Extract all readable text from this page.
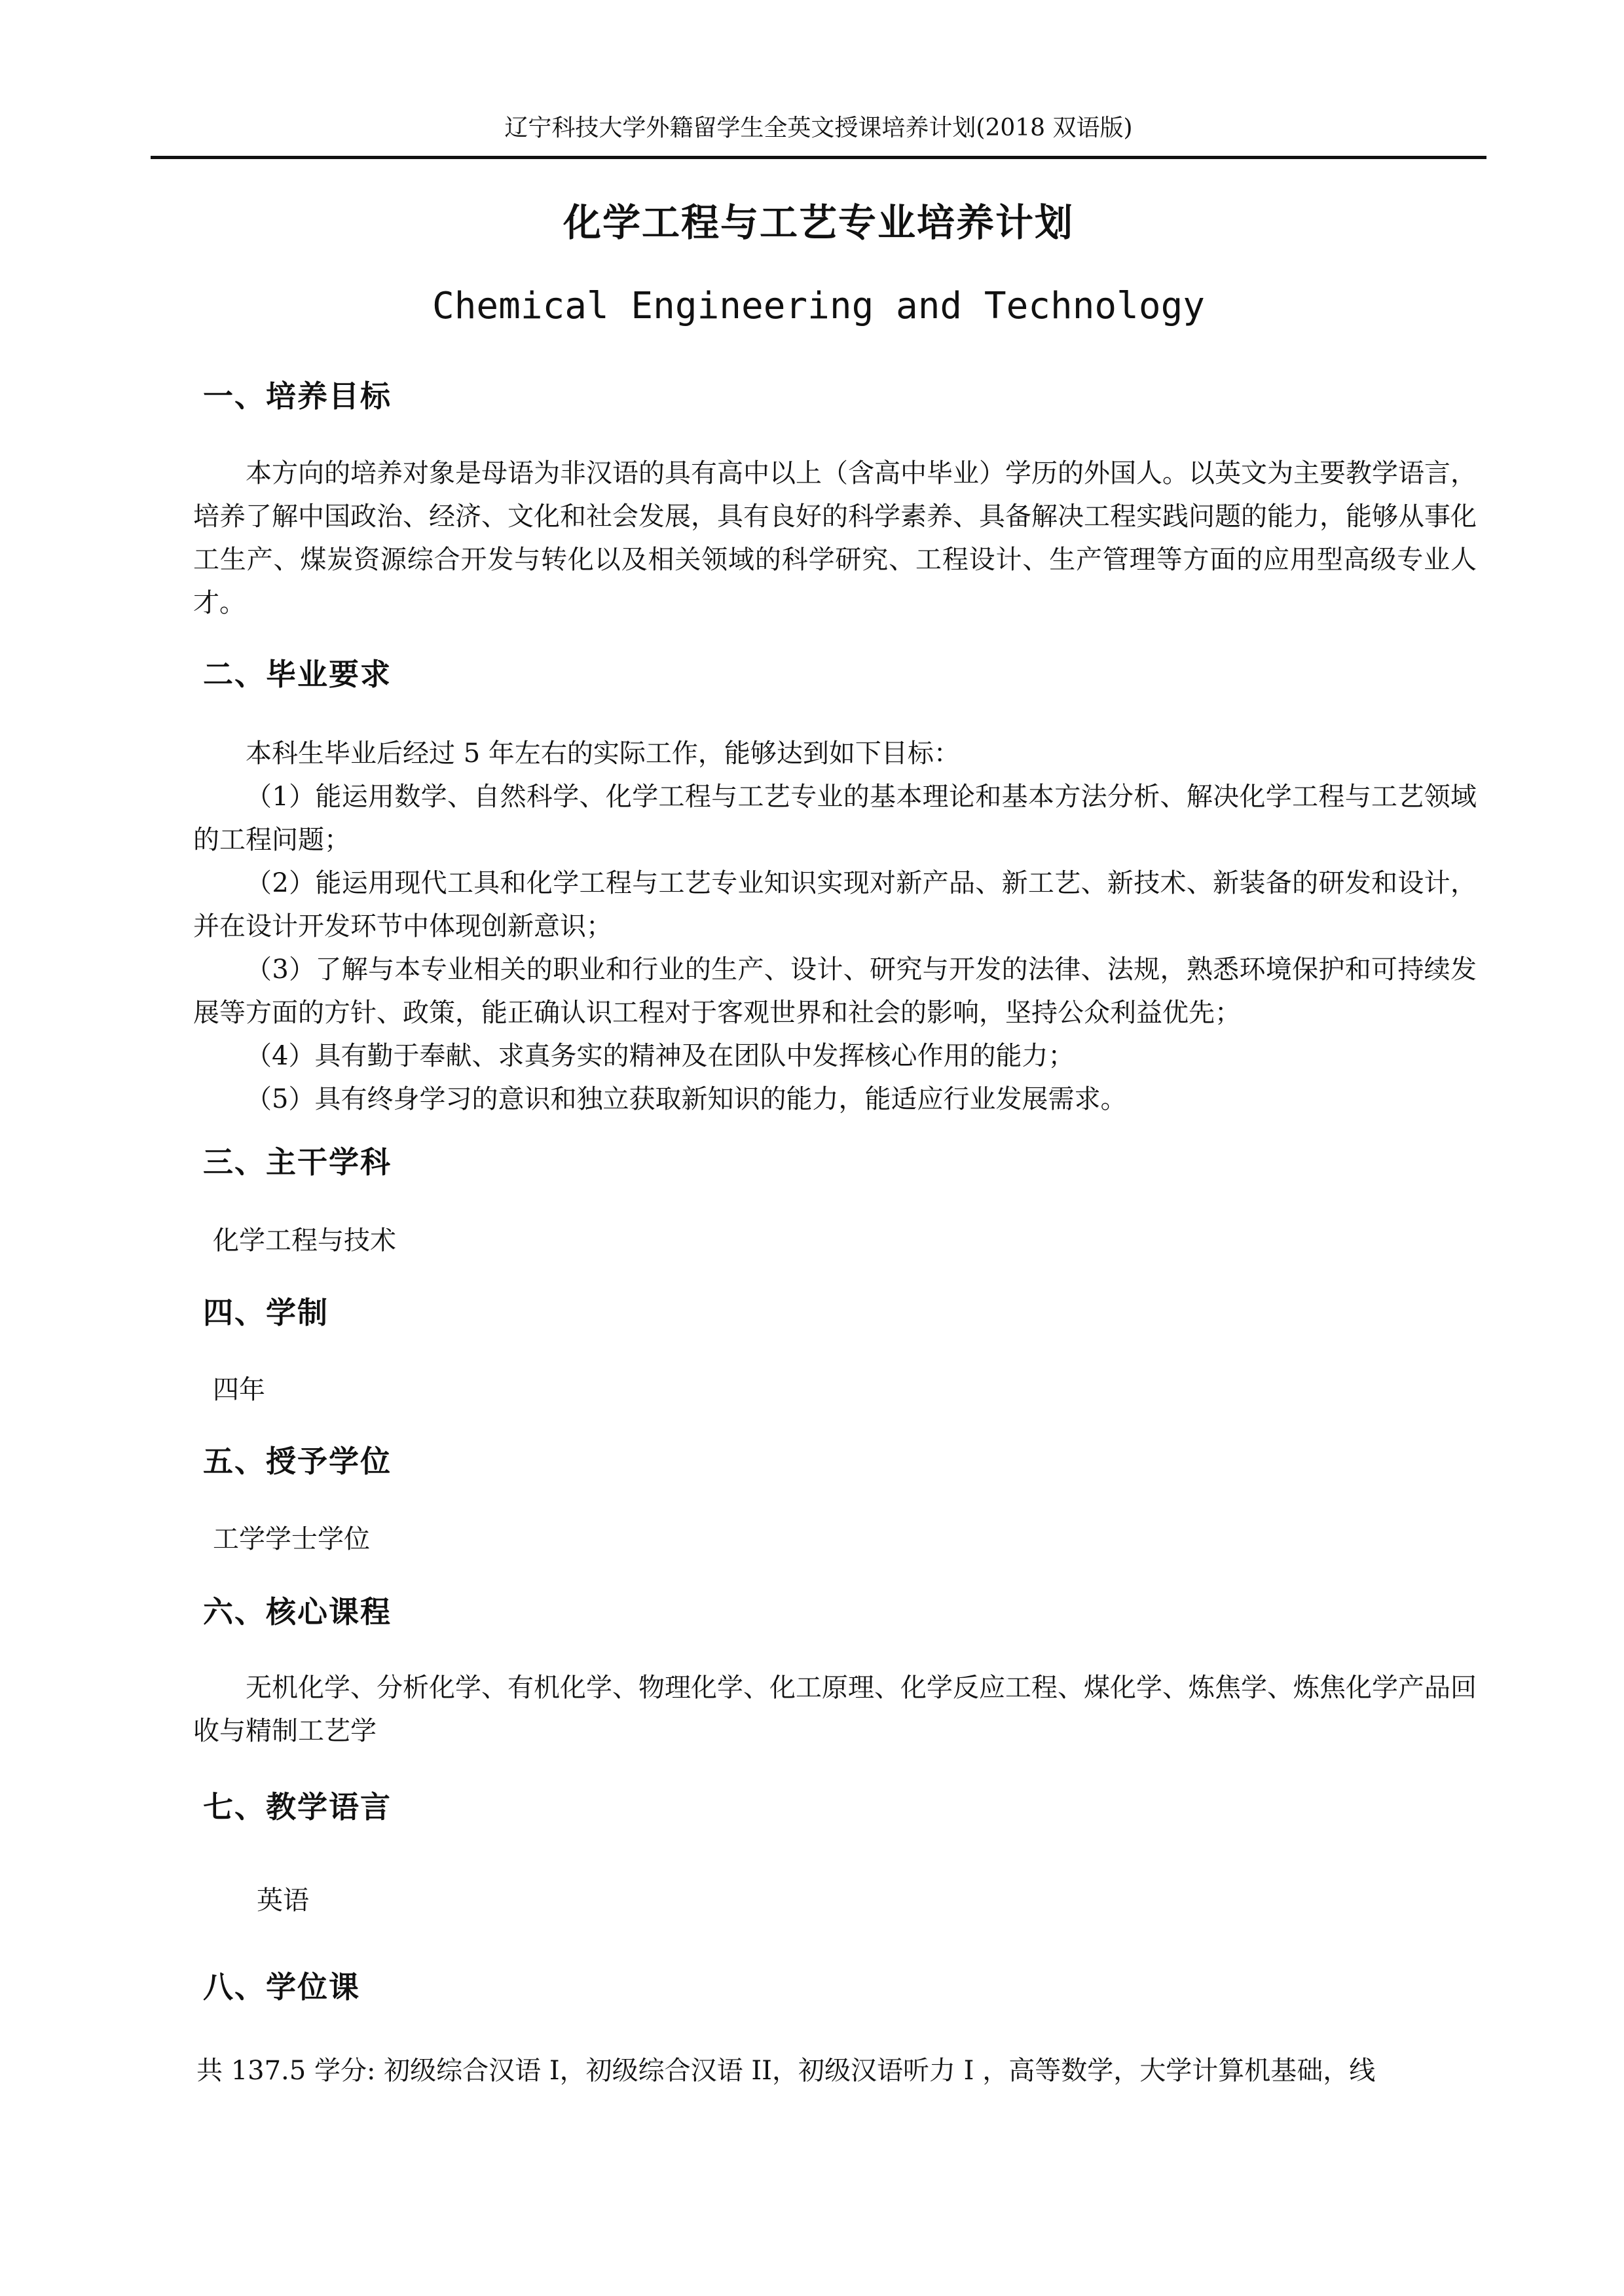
辽宁科技大学外籍留学生全英文授课培养计划(2018 双语版)
化学工程与工艺专业培养计划
Chemical Engineering and Technology
一、培养目标
本方向的培养对象是母语为非汉语的具有高中以上（含高中毕业）学历的外国人。以英文为主要教学语言，培养了解中国政治、经济、文化和社会发展，具有良好的科学素养、具备解决工程实践问题的能力，能够从事化工生产、煤炭资源综合开发与转化以及相关领域的科学研究、工程设计、生产管理等方面的应用型高级专业人才。
二、毕业要求

本科生毕业后经过 5 年左右的实际工作，能够达到如下目标：

（1）能运用数学、自然科学、化学工程与工艺专业的基本理论和基本方法分析、解决化学工程与工艺领域的工程问题；

（2）能运用现代工具和化学工程与工艺专业知识实现对新产品、新工艺、新技术、新装备的研发和设计，并在设计开发环节中体现创新意识；

（3）了解与本专业相关的职业和行业的生产、设计、研究与开发的法律、法规，熟悉环境保护和可持续发展等方面的方针、政策，能正确认识工程对于客观世界和社会的影响，坚持公众利益优先；

（4）具有勤于奉献、求真务实的精神及在团队中发挥核心作用的能力；

（5）具有终身学习的意识和独立获取新知识的能力，能适应行业发展需求。

三、主干学科
化学工程与技术
四、学制
四年
五、授予学位
工学学士学位
六、核心课程
无机化学、分析化学、有机化学、物理化学、化工原理、化学反应工程、煤化学、炼焦学、炼焦化学产品回收与精制工艺学
七、教学语言
英语
八、学位课
共 137.5 学分: 初级综合汉语 I，初级综合汉语 II，初级汉语听力 I ，高等数学，大学计算机基础，线
